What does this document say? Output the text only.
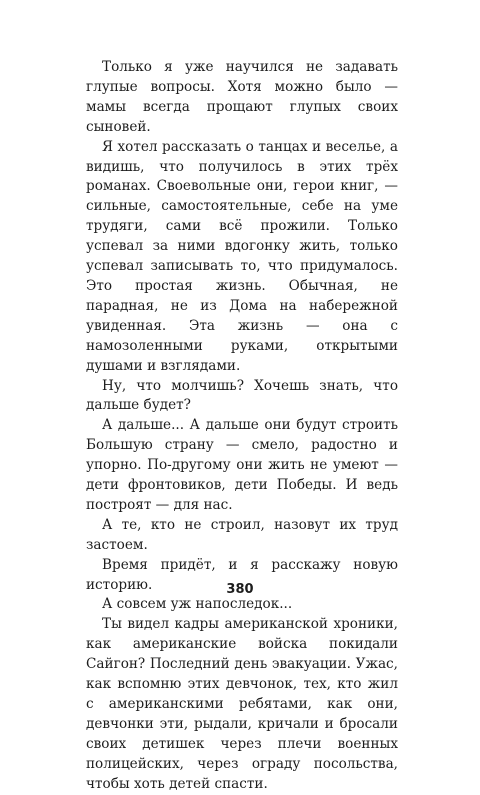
Только я уже научился не задавать глупые вопросы. Хотя можно было — мамы всегда прощают глупых своих сыновей.

Я хотел рассказать о танцах и веселье, а видишь, что получилось в этих трёх романах. Своевольные они, герои книг, — сильные, самостоятельные, себе на уме трудяги, сами всё прожили. Только успевал за ними вдогонку жить, только успевал записывать то, что придумалось. Это простая жизнь. Обычная, не парадная, не из Дома на набережной увиденная. Эта жизнь — она с намозоленными руками, открытыми душами и взглядами.

Ну, что молчишь? Хочешь знать, что дальше будет?

А дальше... А дальше они будут строить Большую страну — смело, радостно и упорно. По-другому они жить не умеют — дети фронтовиков, дети Победы. И ведь построят — для нас.

А те, кто не строил, назовут их труд застоем.

Время придёт, и я расскажу новую историю.

А совсем уж напоследок...

Ты видел кадры американской хроники, как американские войска покидали Сайгон? Последний день эвакуации. Ужас, как вспомню этих девчонок, тех, кто жил с американскими ребятами, как они, девчонки эти, рыдали, кричали и бросали своих детишек через плечи военных полицейских, через ограду посольства, чтобы хоть детей спасти.

380
